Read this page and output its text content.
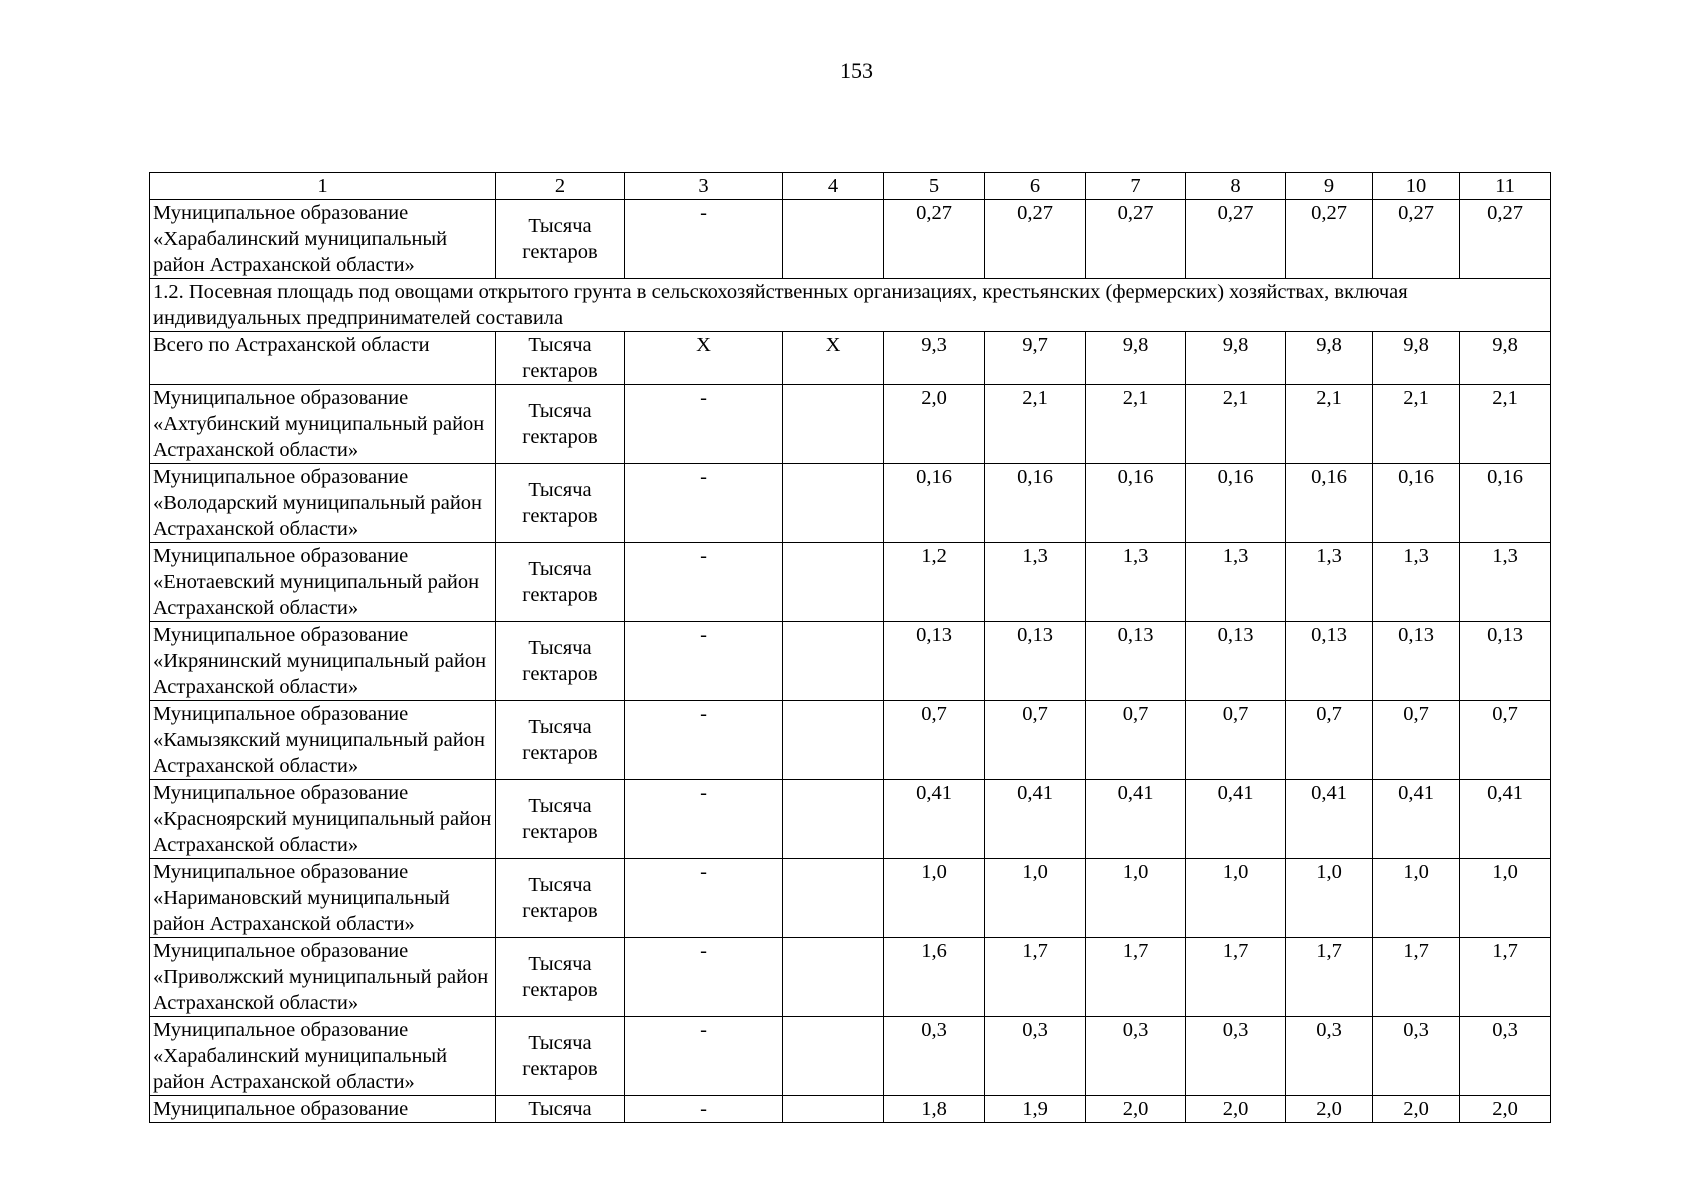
153
1	2	3	4	5	6	7	8	9	10	11
Муниципальное образование «Харабалинский муниципальный район Астраханской области»	Тысяча гектаров	-		0,27	0,27	0,27	0,27	0,27	0,27	0,27
1.2. Посевная площадь под овощами открытого грунта в сельскохозяйственных организациях, крестьянских (фермерских) хозяйствах, включая индивидуальных предпринимателей составила										
Всего по Астраханской области	Тысяча гектаров	Х	Х	9,3	9,7	9,8	9,8	9,8	9,8	9,8
Муниципальное образование «Ахтубинский муниципальный район Астраханской области»	Тысяча гектаров	-		2,0	2,1	2,1	2,1	2,1	2,1	2,1
Муниципальное образование «Володарский муниципальный район Астраханской области»	Тысяча гектаров	-		0,16	0,16	0,16	0,16	0,16	0,16	0,16
Муниципальное образование «Енотаевский муниципальный район Астраханской области»	Тысяча гектаров	-		1,2	1,3	1,3	1,3	1,3	1,3	1,3
Муниципальное образование «Икрянинский муниципальный район Астраханской области»	Тысяча гектаров	-		0,13	0,13	0,13	0,13	0,13	0,13	0,13
Муниципальное образование «Камызякский муниципальный район Астраханской области»	Тысяча гектаров	-		0,7	0,7	0,7	0,7	0,7	0,7	0,7
Муниципальное образование «Красноярский муниципальный район Астраханской области»	Тысяча гектаров	-		0,41	0,41	0,41	0,41	0,41	0,41	0,41
Муниципальное образование «Наримановский муниципальный район Астраханской области»	Тысяча гектаров	-		1,0	1,0	1,0	1,0	1,0	1,0	1,0
Муниципальное образование «Приволжский муниципальный район Астраханской области»	Тысяча гектаров	-		1,6	1,7	1,7	1,7	1,7	1,7	1,7
Муниципальное образование «Харабалинский муниципальный район Астраханской области»	Тысяча гектаров	-		0,3	0,3	0,3	0,3	0,3	0,3	0,3
Муниципальное образование	Тысяча	-		1,8	1,9	2,0	2,0	2,0	2,0	2,0
